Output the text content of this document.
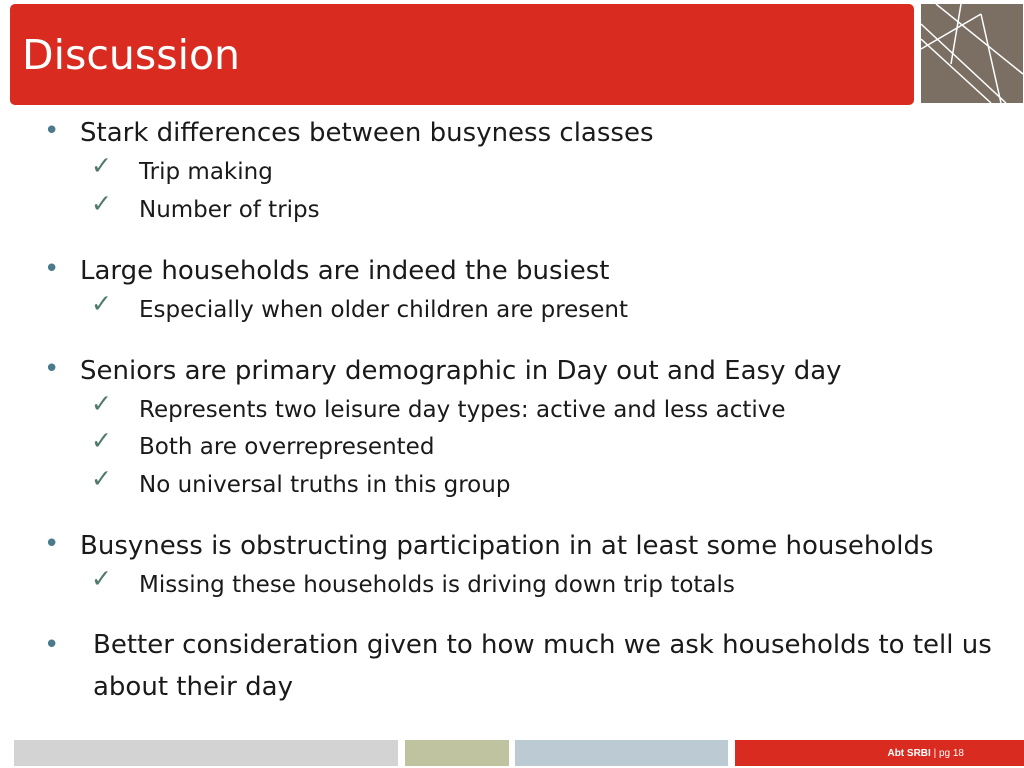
Discussion
• Stark differences between busyness classes
✓ Trip making
✓ Number of trips
• Large households are indeed the busiest
✓ Especially when older children are present
• Seniors are primary demographic in Day out and Easy day
✓ Represents two leisure day types: active and less active
✓ Both are overrepresented
✓ No universal truths in this group
• Busyness is obstructing participation in at least some households
✓ Missing these households is driving down trip totals
• Better consideration given to how much we ask households to tell us about their day
Abt SRBI | pg 18
